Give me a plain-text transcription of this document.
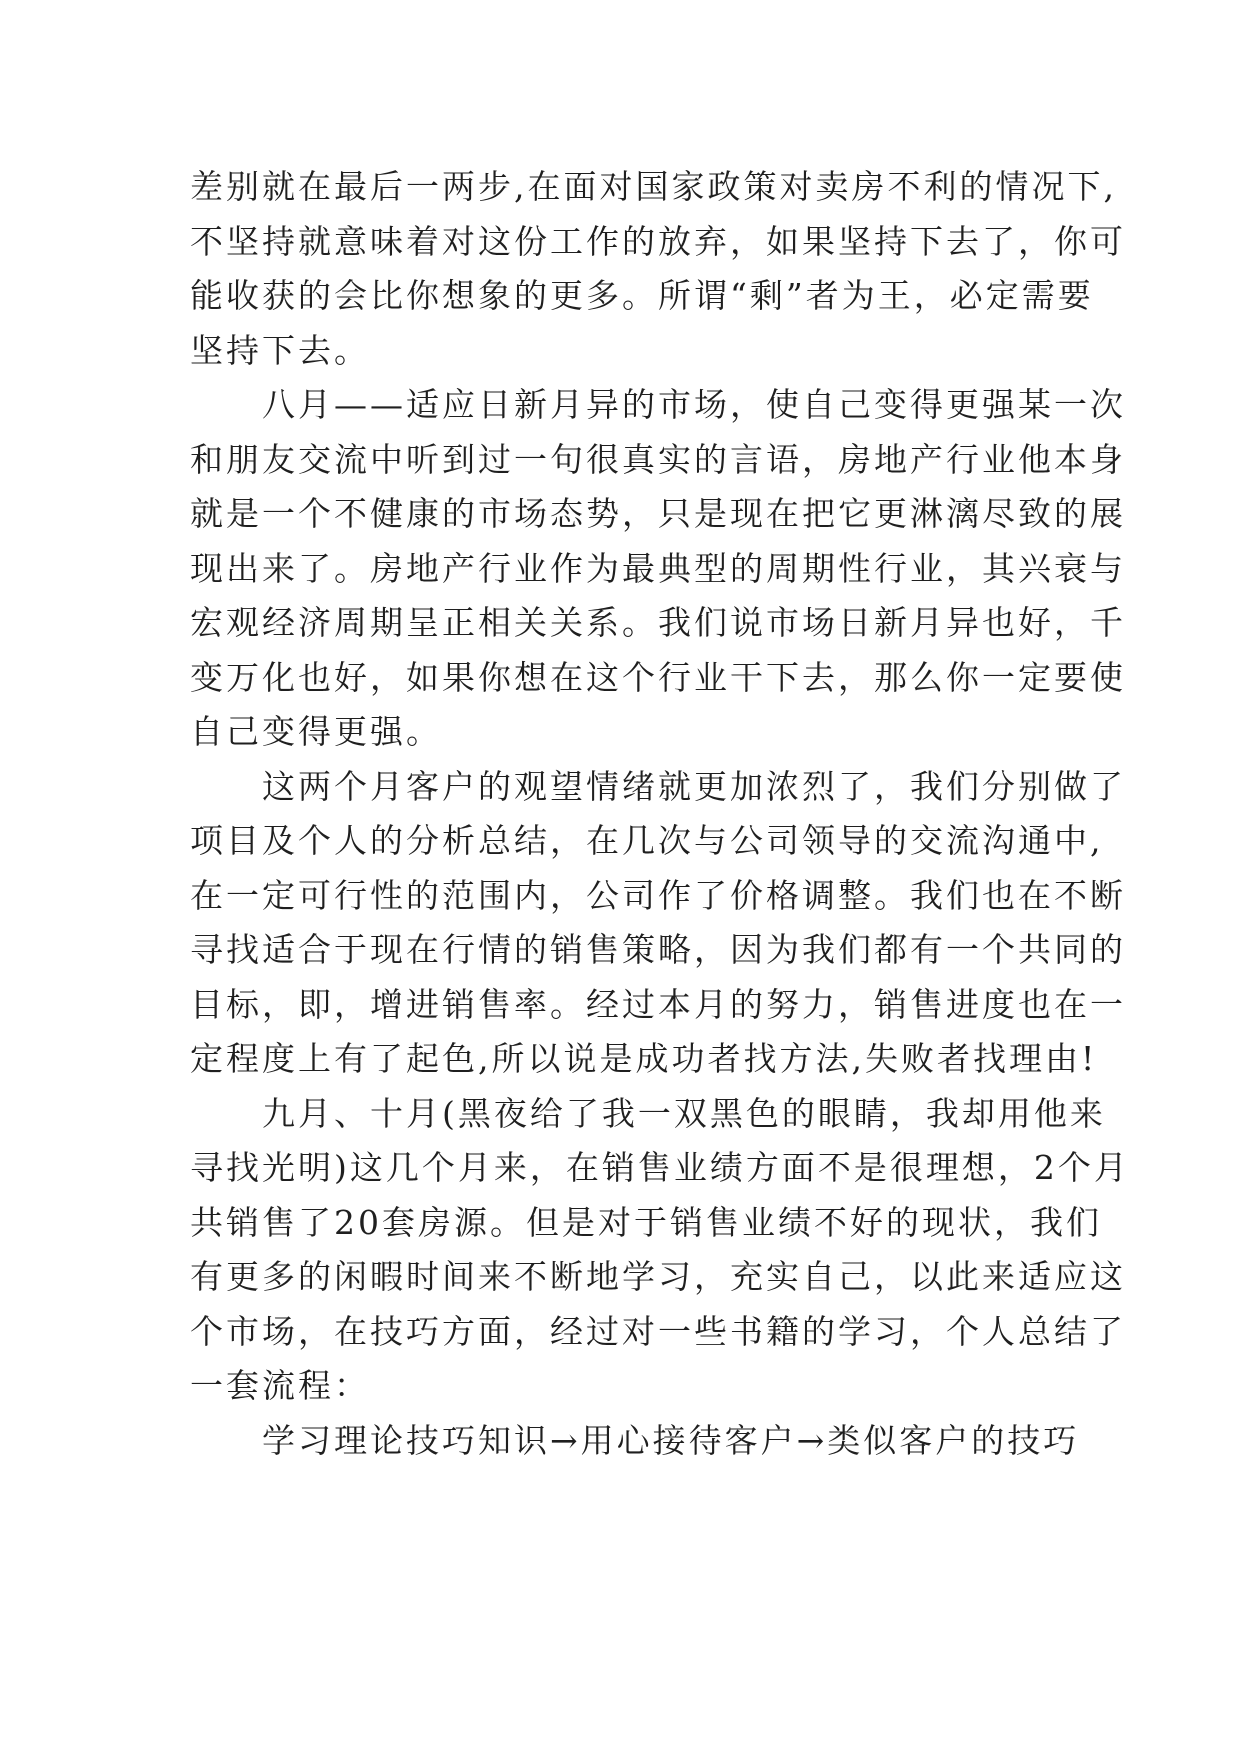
差别就在最后一两步,在面对国家政策对卖房不利的情况下,
不坚持就意味着对这份工作的放弃，如果坚持下去了，你可
能收获的会比你想象的更多。所谓“剩”者为王，必定需要
坚持下去。
　　八月——适应日新月异的市场，使自己变得更强某一次
和朋友交流中听到过一句很真实的言语，房地产行业他本身
就是一个不健康的市场态势，只是现在把它更淋漓尽致的展
现出来了。房地产行业作为最典型的周期性行业，其兴衰与
宏观经济周期呈正相关关系。我们说市场日新月异也好，千
变万化也好，如果你想在这个行业干下去，那么你一定要使
自己变得更强。
　　这两个月客户的观望情绪就更加浓烈了，我们分别做了
项目及个人的分析总结，在几次与公司领导的交流沟通中,
在一定可行性的范围内，公司作了价格调整。我们也在不断
寻找适合于现在行情的销售策略，因为我们都有一个共同的
目标，即，增进销售率。经过本月的努力，销售进度也在一
定程度上有了起色,所以说是成功者找方法,失败者找理由!
　　九月、十月(黑夜给了我一双黑色的眼睛，我却用他来
寻找光明)这几个月来，在销售业绩方面不是很理想，2个月
共销售了20套房源。但是对于销售业绩不好的现状，我们
有更多的闲暇时间来不断地学习，充实自己，以此来适应这
个市场，在技巧方面，经过对一些书籍的学习，个人总结了
一套流程：
　　学习理论技巧知识→用心接待客户→类似客户的技巧
